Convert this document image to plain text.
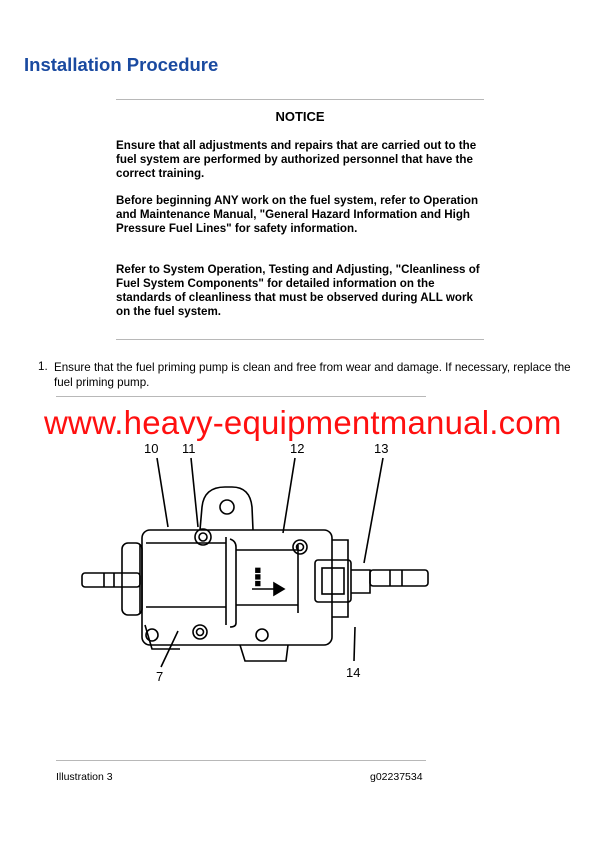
Installation Procedure
NOTICE
Ensure that all adjustments and repairs that are carried out to the fuel system are performed by authorized personnel that have the correct training.
Before beginning ANY work on the fuel system, refer to Operation and Maintenance Manual, "General Hazard Information and High Pressure Fuel Lines" for safety information.
Refer to System Operation, Testing and Adjusting, "Cleanliness of Fuel System Components" for detailed information on the standards of cleanliness that must be observed during ALL work on the fuel system.
1. Ensure that the fuel priming pump is clean and free from wear and damage. If necessary, replace the fuel priming pump.
■■■
10 11	12	13
7	14
www.heavy-equipmentmanual.com
Illustration 3	g02237534
